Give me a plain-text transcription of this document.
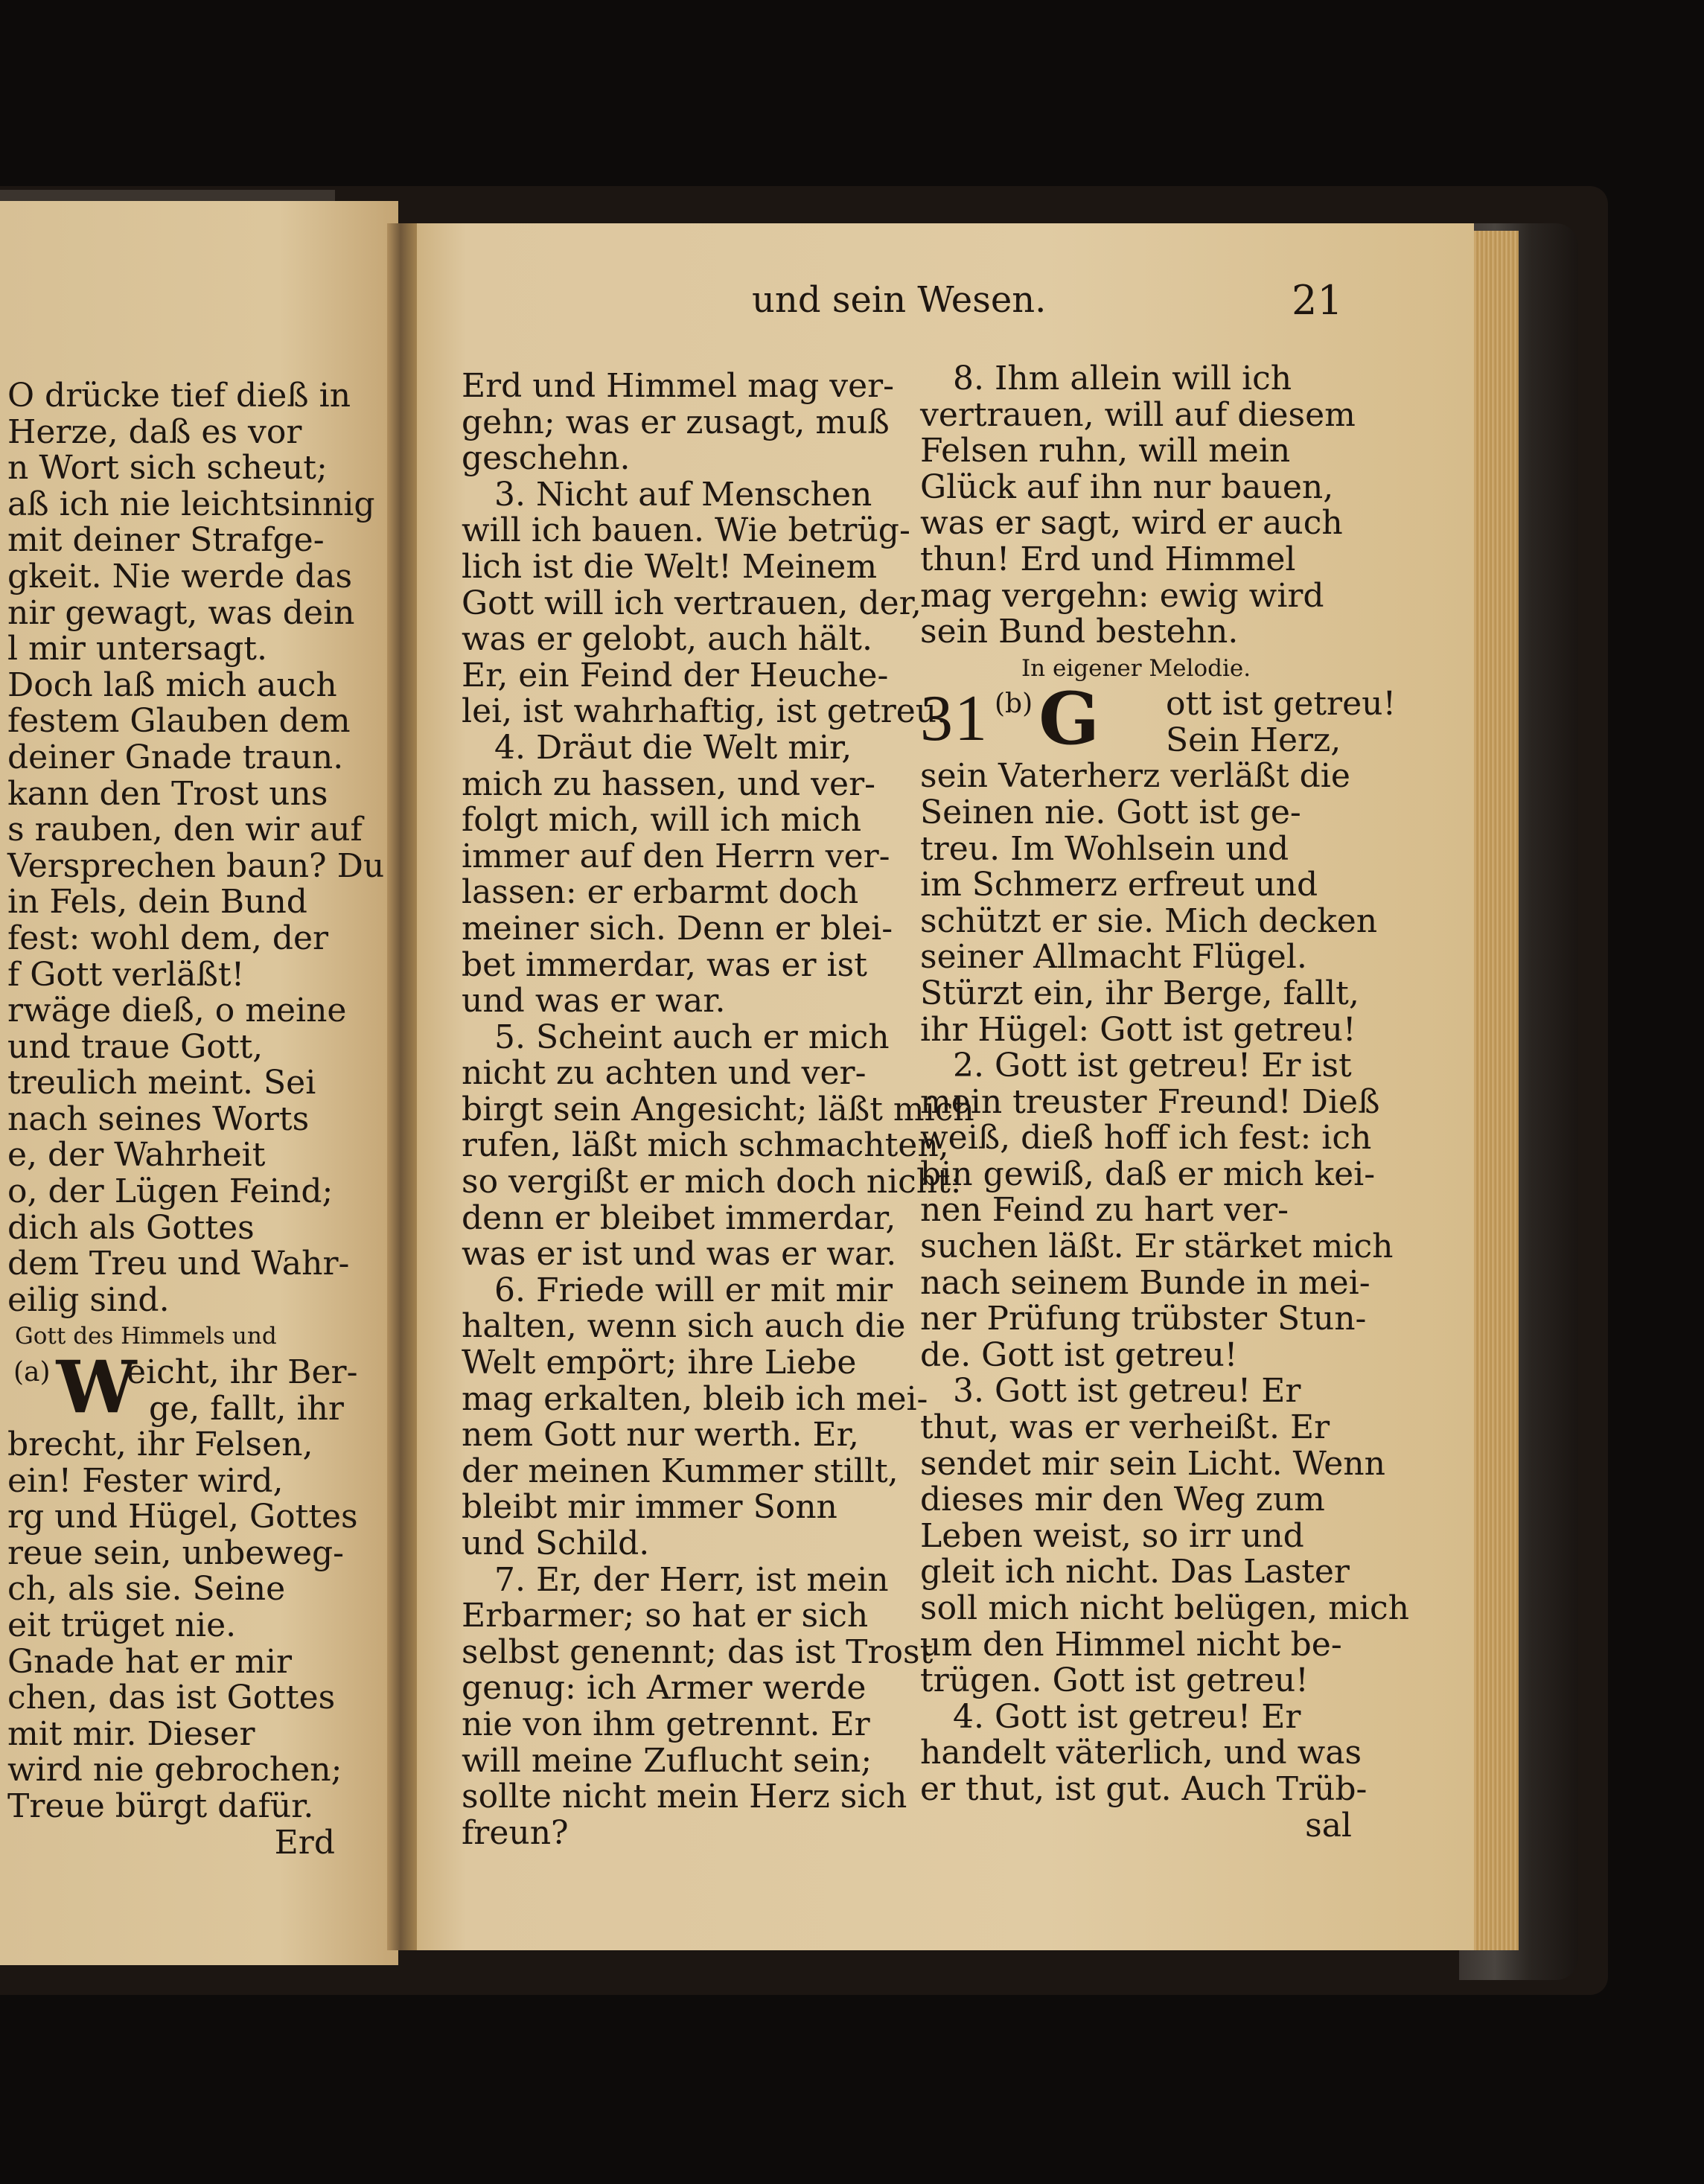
und sein Wesen.	21
O drücke tief dieß in
Herze, daß es vor
n Wort sich scheut;
aß ich nie leichtsinnig
mit deiner Strafge-
gkeit. Nie werde das
nir gewagt, was dein
l mir untersagt.
Doch laß mich auch
festem Glauben dem
deiner Gnade traun.
kann den Trost uns
s rauben, den wir auf
Versprechen baun? Du
in Fels, dein Bund
fest: wohl dem, der
f Gott verläßt!
rwäge dieß, o meine
und traue Gott,
treulich meint. Sei
nach seines Worts
e, der Wahrheit
o, der Lügen Feind;
dich als Gottes
dem Treu und Wahr-
eilig sind.
Gott des Himmels und
$^{(a)}$W
eicht, ihr Ber-
ge, fallt, ihr
brecht, ihr Felsen,
ein! Fester wird,
rg und Hügel, Gottes
reue sein, unbeweg-
ch, als sie. Seine
eit trüget nie.
Gnade hat er mir
chen, das ist Gottes
mit mir. Dieser
wird nie gebrochen;
Treue bürgt dafür.
Erd
Erd und Himmel mag ver-
gehn; was er zusagt, muß
geschehn.
3. Nicht auf Menschen
will ich bauen. Wie betrüg-
lich ist die Welt! Meinem
Gott will ich vertrauen, der,
was er gelobt, auch hält.
Er, ein Feind der Heuche-
lei, ist wahrhaftig, ist getreu.
4. Dräut die Welt mir,
mich zu hassen, und ver-
folgt mich, will ich mich
immer auf den Herrn ver-
lassen: er erbarmt doch
meiner sich. Denn er blei-
bet immerdar, was er ist
und was er war.
5. Scheint auch er mich
nicht zu achten und ver-
birgt sein Angesicht; läßt mich
rufen, läßt mich schmachten,
so vergißt er mich doch nicht:
denn er bleibet immerdar,
was er ist und was er war.
6. Friede will er mit mir
halten, wenn sich auch die
Welt empört; ihre Liebe
mag erkalten, bleib ich mei-
nem Gott nur werth. Er,
der meinen Kummer stillt,
bleibt mir immer Sonn
und Schild.
7. Er, der Herr, ist mein
Erbarmer; so hat er sich
selbst genennt; das ist Trost
genug: ich Armer werde
nie von ihm getrennt. Er
will meine Zuflucht sein;
sollte nicht mein Herz sich
freun?
8. Ihm allein will ich
vertrauen, will auf diesem
Felsen ruhn, will mein
Glück auf ihn nur bauen,
was er sagt, wird er auch
thun! Erd und Himmel
mag vergehn: ewig wird
sein Bund bestehn.
In eigener Melodie.
31 $^{(b)}$G ott ist getreu!
Sein Herz,
sein Vaterherz verläßt die
Seinen nie. Gott ist ge-
treu. Im Wohlsein und
im Schmerz erfreut und
schützt er sie. Mich decken
seiner Allmacht Flügel.
Stürzt ein, ihr Berge, fallt,
ihr Hügel: Gott ist getreu!
2. Gott ist getreu! Er ist
mein treuster Freund! Dieß
weiß, dieß hoff ich fest: ich
bin gewiß, daß er mich kei-
nen Feind zu hart ver-
suchen läßt. Er stärket mich
nach seinem Bunde in mei-
ner Prüfung trübster Stun-
de. Gott ist getreu!
3. Gott ist getreu! Er
thut, was er verheißt. Er
sendet mir sein Licht. Wenn
dieses mir den Weg zum
Leben weist, so irr und
gleit ich nicht. Das Laster
soll mich nicht belügen, mich
um den Himmel nicht be-
trügen. Gott ist getreu!
4. Gott ist getreu! Er
handelt väterlich, und was
er thut, ist gut. Auch Trüb-
sal
